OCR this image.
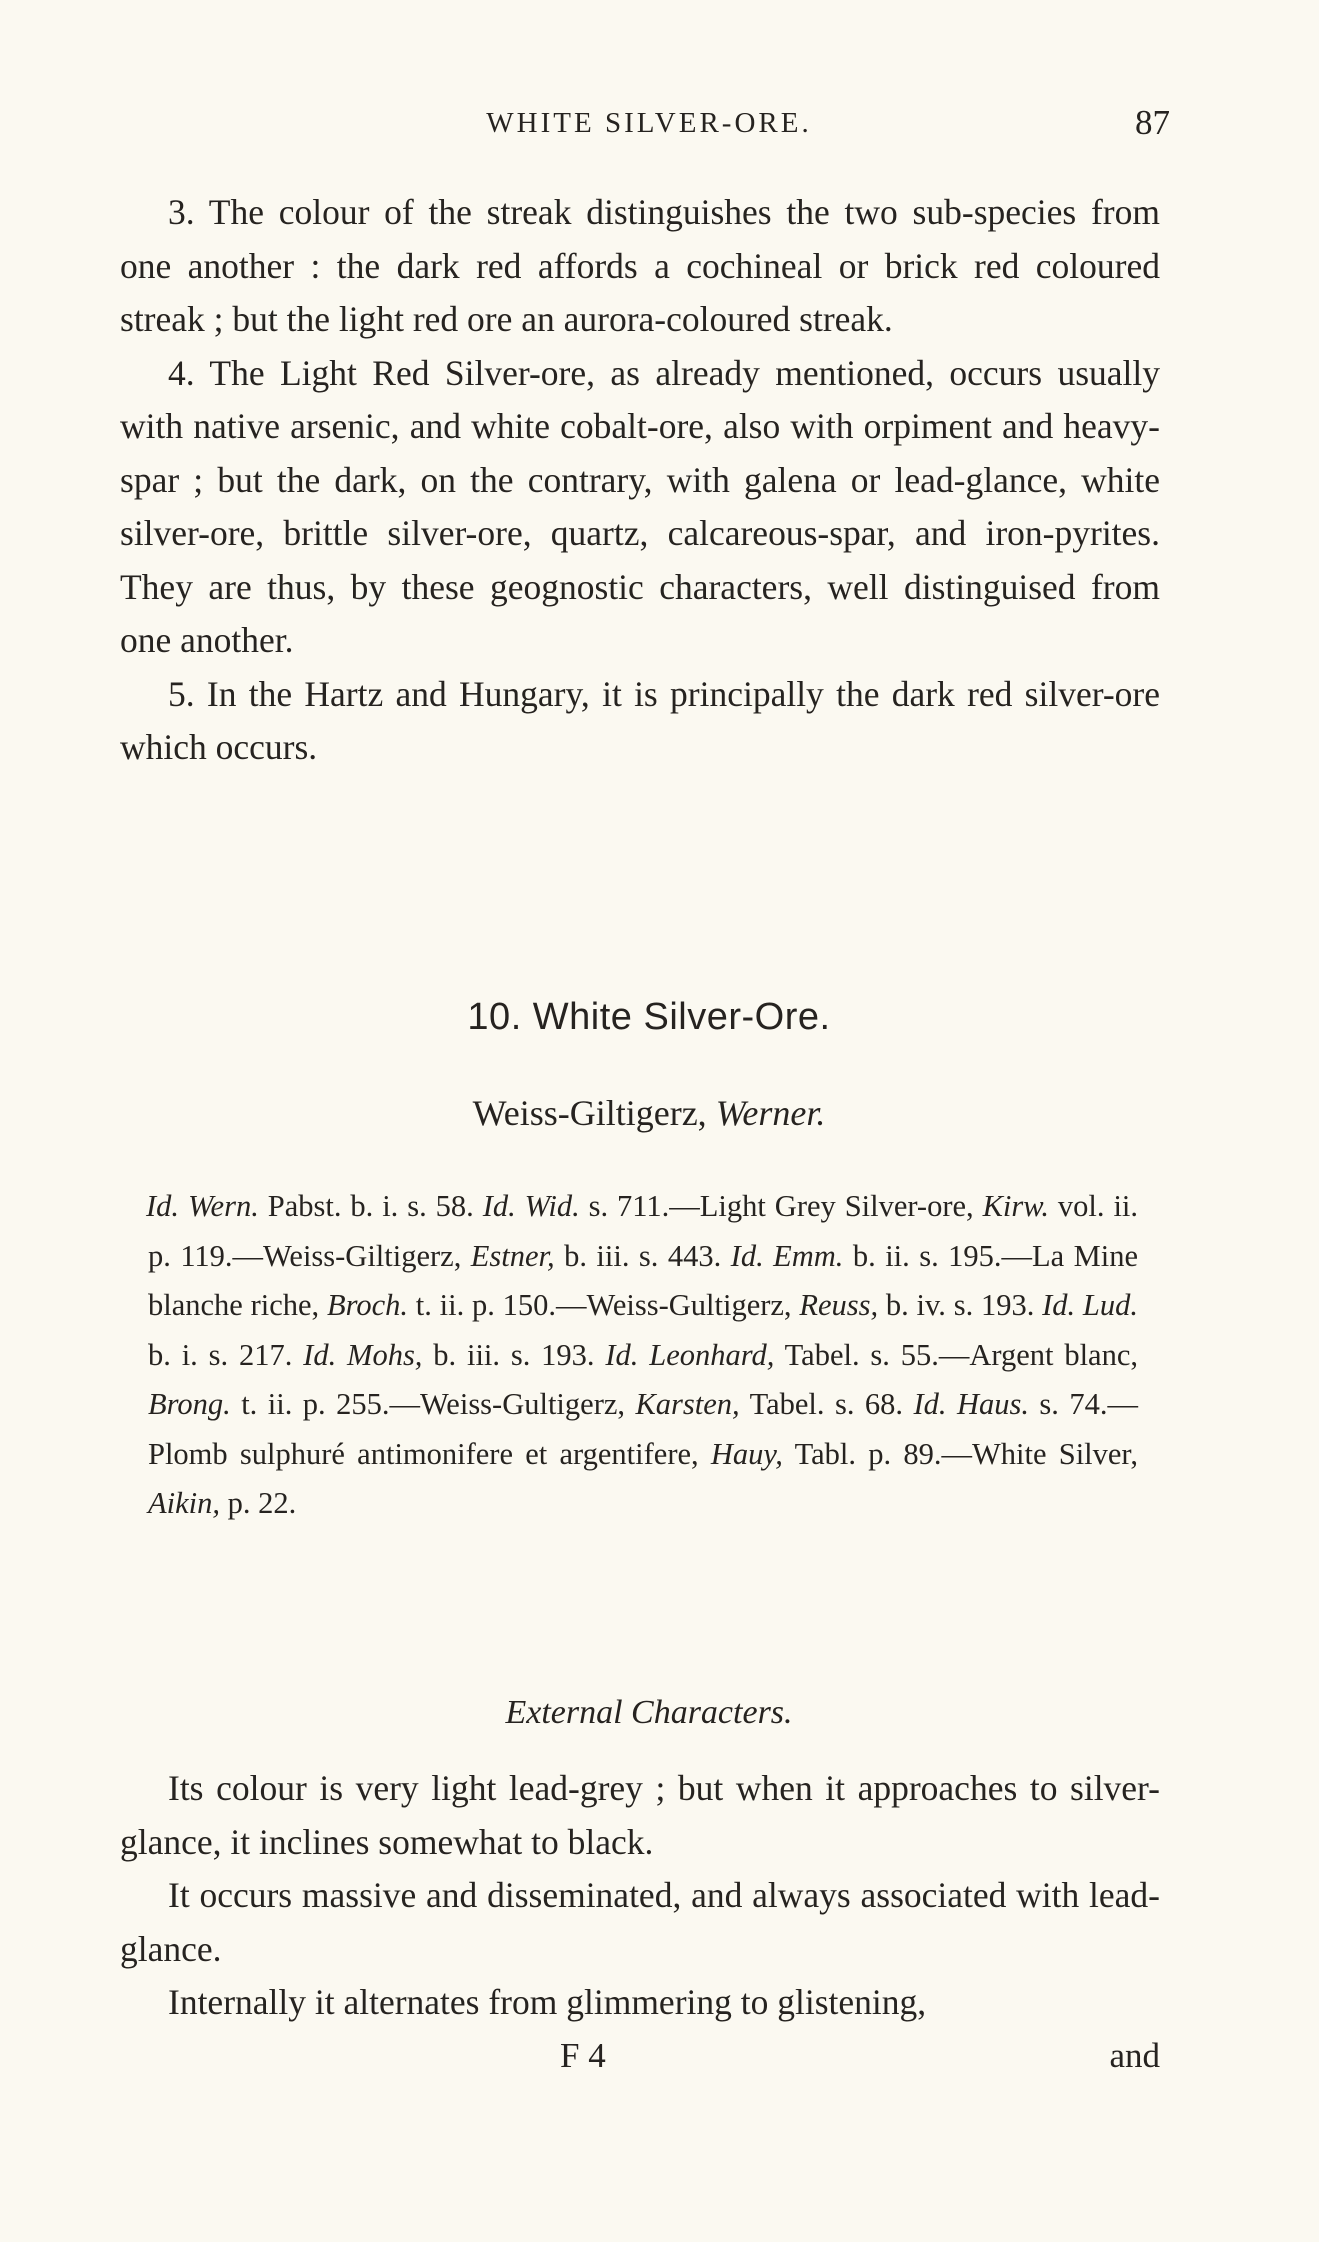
WHITE SILVER-ORE.	87

3. The colour of the streak distinguishes the two sub-species from one another : the dark red affords a cochineal or brick red coloured streak ; but the light red ore an aurora-coloured streak.

4. The Light Red Silver-ore, as already mentioned, occurs usually with native arsenic, and white cobalt-ore, also with orpiment and heavy-spar ; but the dark, on the contrary, with galena or lead-glance, white silver-ore, brittle silver-ore, quartz, calcareous-spar, and iron-pyrites. They are thus, by these geognostic characters, well distinguised from one another.

5. In the Hartz and Hungary, it is principally the dark red silver-ore which occurs.

10. White Silver-Ore.
Weiss-Giltigerz, Werner.

Id. Wern. Pabst. b. i. s. 58. Id. Wid. s. 711.—Light Grey Silver-ore, Kirw. vol. ii. p. 119.—Weiss-Giltigerz, Estner, b. iii. s. 443. Id. Emm. b. ii. s. 195.—La Mine blanche riche, Broch. t. ii. p. 150.—Weiss-Gultigerz, Reuss, b. iv. s. 193. Id. Lud. b. i. s. 217. Id. Mohs, b. iii. s. 193. Id. Leonhard, Tabel. s. 55.—Argent blanc, Brong. t. ii. p. 255.—Weiss-Gultigerz, Karsten, Tabel. s. 68. Id. Haus. s. 74.—Plomb sulphuré antimonifere et argentifere, Hauy, Tabl. p. 89.—White Silver, Aikin, p. 22.

External Characters.

Its colour is very light lead-grey ; but when it approaches to silver-glance, it inclines somewhat to black.

It occurs massive and disseminated, and always associated with lead-glance.

Internally it alternates from glimmering to glistening,

F 4	and
